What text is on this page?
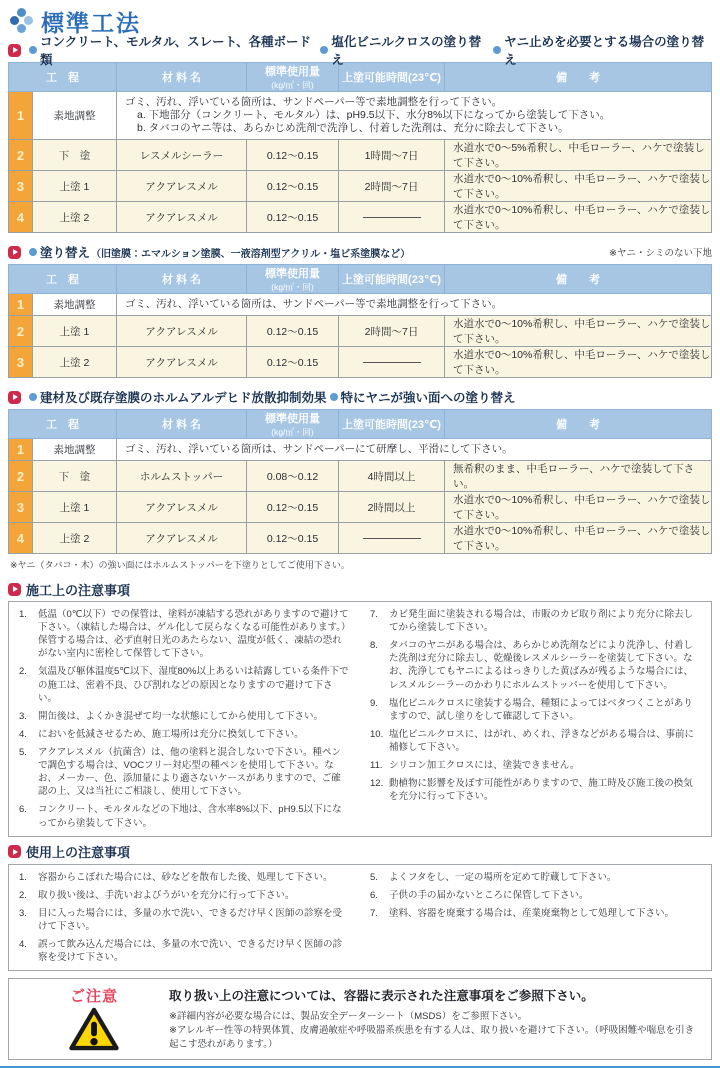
標準工法
コンクリート、モルタル、スレート、各種ボード類
塩化ビニルクロスの塗り替え
ヤニ止めを必要とする場合の塗り替え
工　程		材 料 名	標準使用量
(kg/㎡・回)	上塗可能時間(23℃)	備　　考
1	素地調整	ゴミ、汚れ、浮いている箇所は、サンドペーパー等で素地調整を行って下さい。
a. 下地部分（コンクリート、モルタル）は、pH9.5以下、水分8%以下になってから塗装して下さい。
b. タバコのヤニ等は、あらかじめ洗剤で洗浄し、付着した洗剤は、充分に除去して下さい。			

2	下　塗	レスメルシーラー	0.12～0.15	1時間～7日	水道水で0～5%希釈し、中毛ローラー、ハケで塗装して下さい。
3	上塗 1	アクアレスメル	0.12～0.15	2時間～7日	水道水で0～10%希釈し、中毛ローラー、ハケで塗装して下さい。
4	上塗 2	アクアレスメル	0.12～0.15		水道水で0～10%希釈し、中毛ローラー、ハケで塗装して下さい。
塗り替え （旧塗膜：エマルション塗膜、一液溶剤型アクリル・塩ビ系塗膜など）	※ヤニ・シミのない下地
工　程		材 料 名	標準使用量
(kg/㎡・回)	上塗可能時間(23℃)	備　　考
1	素地調整	ゴミ、汚れ、浮いている箇所は、サンドペーパー等で素地調整を行って下さい。			

2	上塗 1	アクアレスメル	0.12～0.15	2時間～7日	水道水で0～10%希釈し、中毛ローラー、ハケで塗装して下さい。
3	上塗 2	アクアレスメル	0.12～0.15		水道水で0～10%希釈し、中毛ローラー、ハケで塗装して下さい。
建材及び既存塗膜のホルムアルデヒド放散抑制効果 特にヤニが強い面への塗り替え
工　程		材 料 名	標準使用量
(kg/㎡・回)	上塗可能時間(23℃)	備　　考
1	素地調整	ゴミ、汚れ、浮いている箇所は、サンドペーパーにて研摩し、平滑にして下さい。			

2	下　塗	ホルムストッパー	0.08～0.12	4時間以上	無希釈のまま、中毛ローラー、ハケで塗装して下さい。
3	上塗 1	アクアレスメル	0.12～0.15	2時間以上	水道水で0～10%希釈し、中毛ローラー、ハケで塗装して下さい。
4	上塗 2	アクアレスメル	0.12～0.15		水道水で0～10%希釈し、中毛ローラー、ハケで塗装して下さい。
※ヤニ（タバコ・木）の強い面にはホルムストッパーを下塗りとしてご使用下さい。
施工上の注意事項
1.	低温（0℃以下）での保管は、塗料が凍結する恐れがありますので避けて下さい。（凍結した場合は、ゲル化して戻らなくなる可能性があります。）保管する場合は、必ず直射日光のあたらない、温度が低く、凍結の恐れがない室内に密栓して保管して下さい。
2.	気温及び躯体温度5℃以下、湿度80%以上あるいは結露している条件下での施工は、密着不良、ひび割れなどの原因となりますので避けて下さい。
3.	開缶後は、よくかき混ぜて均一な状態にしてから使用して下さい。
4.	においを低減させるため、施工場所は充分に換気して下さい。
5.	アクアレスメル（抗菌含）は、他の塗料と混合しないで下さい。種ペンで調色する場合は、VOCフリー対応型の種ペンを使用して下さい。なお、メーカー、色、添加量により適さないケースがありますので、ご確認の上、又は当社にご相談し、使用して下さい。
6.	コンクリート、モルタルなどの下地は、含水率8%以下、pH9.5以下になってから塗装して下さい。
7.	カビ発生面に塗装される場合は、市販のカビ取り剤により充分に除去してから塗装して下さい。
8.	タバコのヤニがある場合は、あらかじめ洗剤などにより洗浄し、付着した洗剤は充分に除去し、乾燥後レスメルシーラーを塗装して下さい。なお、洗浄してもヤニによるはっきりした黄ばみが残るような場合には、レスメルシーラーのかわりにホルムストッパーを使用して下さい。
9.	塩化ビニルクロスに塗装する場合、種類によってはベタつくことがありますので、試し塗りをして確認して下さい。
10. 塩化ビニルクロスに、はがれ、めくれ、浮きなどがある場合は、事前に補修して下さい。
11. シリコン加工クロスには、塗装できません。
12. 動植物に影響を及ぼす可能性がありますので、施工時及び施工後の換気を充分に行って下さい。
使用上の注意事項
1.	容器からこぼれた場合には、砂などを散布した後、処理して下さい。
2.	取り扱い後は、手洗いおよびうがいを充分に行って下さい。
3.	目に入った場合には、多量の水で洗い、できるだけ早く医師の診察を受けて下さい。
4.	誤って飲み込んだ場合には、多量の水で洗い、できるだけ早く医師の診察を受けて下さい。
5.	よくフタをし、一定の場所を定めて貯蔵して下さい。
6.	子供の手の届かないところに保管して下さい。
7.	塗料、容器を廃棄する場合は、産業廃棄物として処理して下さい。
ご注意	取り扱い上の注意については、容器に表示された注意事項をご参照下さい。
※詳細内容が必要な場合には、製品安全データーシート（MSDS）をご参照下さい。
※アレルギー性等の特異体質、皮膚過敏症や呼吸器系疾患を有する人は、取り扱いを避けて下さい。（呼吸困難や喘息を引き起こす恐れがあります。）
